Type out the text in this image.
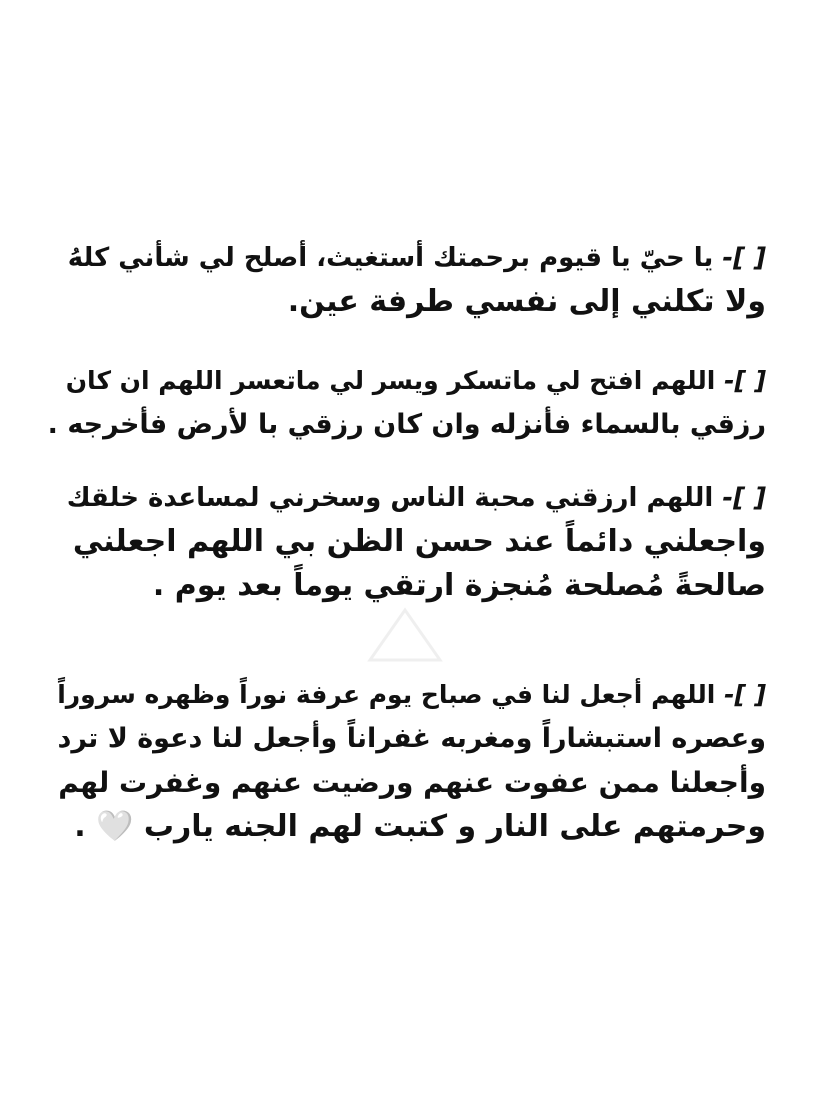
-[ ] يا حيّ يا قيوم برحمتك أستغيث، أصلح لي شأني كلهُ
ولا تكلني إلى نفسي طرفة عين.
-[ ] اللهم افتح لي ماتسكر ويسر لي ماتعسر اللهم ان كان
رزقي بالسماء فأنزله وان كان رزقي با لأرض فأخرجه .
-[ ] اللهم ارزقني محبة الناس وسخرني لمساعدة خلقك
واجعلني دائماً عند حسن الظن بي اللهم اجعلني
صالحةً مُصلحة مُنجزة ارتقي يوماً بعد يوم .
-[ ] اللهم أجعل لنا في صباح يوم عرفة نوراً وظهره سروراً
وعصره استبشاراً ومغربه غفراناً وأجعل لنا دعوة لا ترد
وأجعلنا ممن عفوت عنهم ورضيت عنهم وغفرت لهم
وحرمتهم على النار و كتبت لهم الجنه يارب 🤍 .
